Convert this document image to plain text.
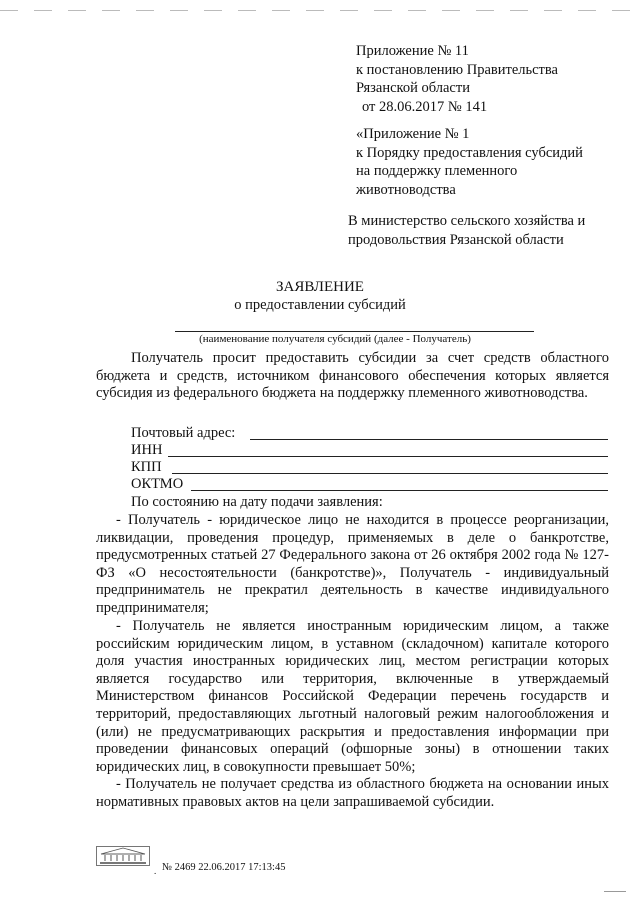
Приложение № 11
к постановлению Правительства
Рязанской области
от 28.06.2017 № 141
«Приложение № 1
к Порядку предоставления субсидий
на поддержку племенного
животноводства
В министерство сельского хозяйства и
продовольствия Рязанской области
ЗАЯВЛЕНИЕ
о предоставлении субсидий
(наименование получателя субсидий (далее - Получатель)
Получатель просит предоставить субсидии за счет средств областного бюджета и средств, источником финансового обеспечения которых является субсидия из федерального бюджета на поддержку племенного животноводства.
Почтовый адрес:
ИНН
КПП
ОКТМО
По состоянию на дату подачи заявления:
- Получатель - юридическое лицо не находится в процессе реорганизации, ликвидации, проведения процедур, применяемых в деле о банкротстве, предусмотренных статьей 27 Федерального закона от 26 октября 2002 года № 127-ФЗ «О несостоятельности (банкротстве)», Получатель - индивидуальный предприниматель не прекратил деятельность в качестве индивидуального предпринимателя;
- Получатель не является иностранным юридическим лицом, а также российским юридическим лицом, в уставном (складочном) капитале которого доля участия иностранных юридических лиц, местом регистрации которых является государство или территория, включенные в утверждаемый Министерством финансов Российской Федерации перечень государств и территорий, предоставляющих льготный налоговый режим налогообложения и (или) не предусматривающих раскрытия и предоставления информации при проведении финансовых операций (офшорные зоны) в отношении таких юридических лиц, в совокупности превышает 50%;
- Получатель не получает средства из областного бюджета на основании иных нормативных правовых актов на цели запрашиваемой субсидии.
. № 2469 22.06.2017 17:13:45
